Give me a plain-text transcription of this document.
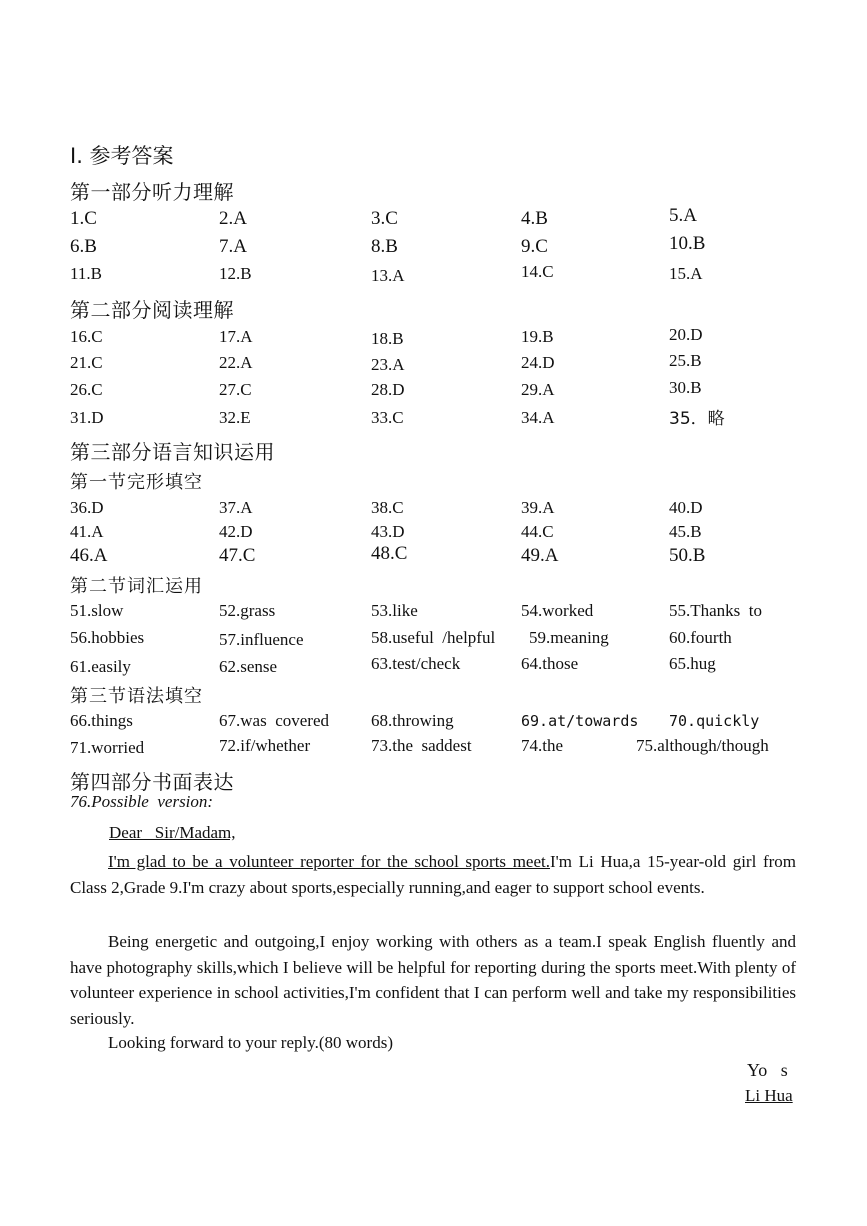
I. 参考答案
第一部分听力理解
1.C	2.A	3.C	4.B	5.A
6.B	7.A	8.B	9.C	10.B
11.B	12.B	13.A	14.C	15.A
第二部分阅读理解
16.C	17.A	18.B	19.B	20.D
21.C	22.A	23.A	24.D	25.B
26.C	27.C	28.D	29.A	30.B
31.D	32.E	33.C	34.A	35．略
第三部分语言知识运用
第一节完形填空
36.D	37.A	38.C	39.A	40.D
41.A	42.D	43.D	44.C	45.B
46.A	47.C	48.C	49.A	50.B
第二节词汇运用
51.slow	52.grass	53.like	54.worked	55.Thanks  to
56.hobbies	57.influence	58.useful  /helpful 59.meaning	60.fourth
61.easily	62.sense	63.test/check	64.those	65.hug
第三节语法填空
66.things	67.was  covered 68.throwing	69.at/towards 70.quickly
71.worried	72.if/whether	73.the  saddest	74.the	75.although/though
第四部分书面表达
76.Possible  version:
Dear   Sir/Madam,
I'm glad to be a volunteer reporter for the school sports meet.I'm Li Hua,a 15-year-old girl from Class 2,Grade 9.I'm crazy about sports,especially running,and eager to support school events.
Being energetic and outgoing,I enjoy working with others as a team.I speak English fluently and have photography skills,which I believe will be helpful for reporting during the sports meet.With plenty of volunteer experience in school activities,I'm confident that I can perform well and take my responsibilities seriously.
Looking forward to your reply.(80 words)
Yo   s
Li Hua
